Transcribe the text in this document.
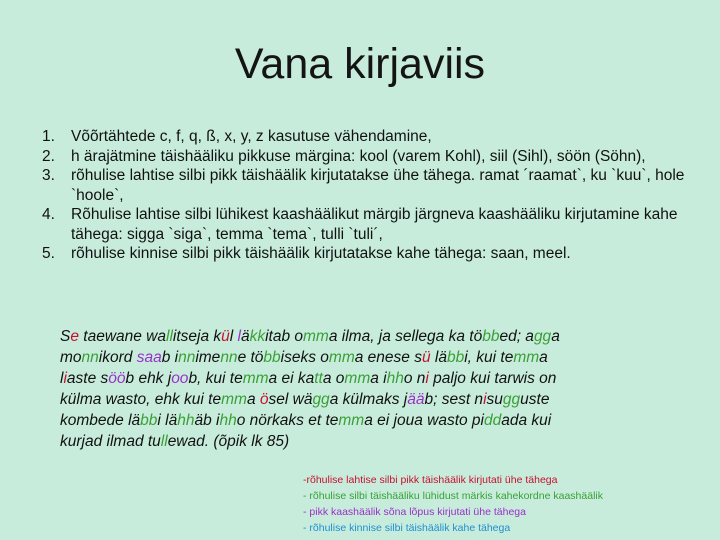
Vana kirjaviis
1.	Võõrtähtede c, f, q, ß, x, y, z kasutuse vähendamine,
2.	h ärajätmine täishääliku pikkuse märgina: kool (varem Kohl), siil (Sihl), söön (Söhn),
3.	rõhulise lahtise silbi pikk täishäälik kirjutatakse ühe tähega. ramat ´raamat`, ku `kuu`, hole `hoole`,
4.	Rõhulise lahtise silbi lühikest kaashäälikut märgib järgneva kaashääliku kirjutamine kahe tähega: sigga `siga`, temma `tema`, tulli `tuli´,
5.	rõhulise kinnise silbi pikk täishäälik kirjutatakse kahe tähega: saan, meel.
Se taewane wallitseja kül läkkitab omma ilma, ja sellega ka többed; agga
monnikord saab innimenne többiseks omma enese sü läbbi, kui temma
liaste sööb ehk joob, kui temma ei katta omma ihho ni paljo kui tarwis on
külma wasto, ehk kui temma ösel wägga külmaks jääb; sest nisugguste
kombede läbbi lähhäb ihho nörkaks et temma ei joua wasto piddada kui
kurjad ilmad tullewad. (õpik lk 85)
-rõhulise lahtise silbi pikk täishäälik kirjutati ühe tähega
- rõhulise silbi täishääliku lühidust märkis kahekordne kaashäälik
- pikk kaashäälik sõna lõpus kirjutati ühe tähega
- rõhulise kinnise silbi täishäälik kahe tähega
